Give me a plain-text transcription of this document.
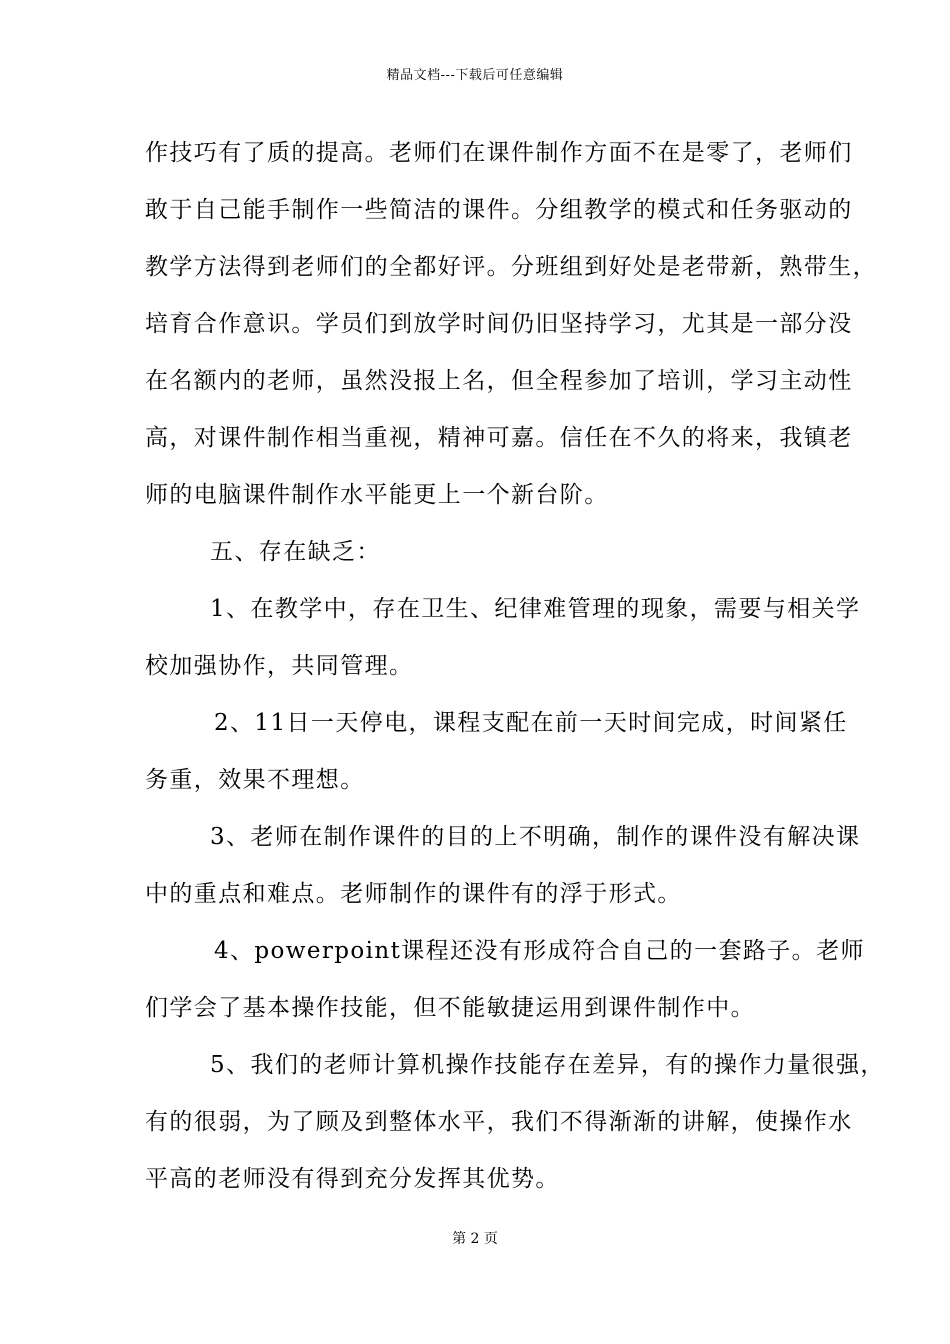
精品文档---下载后可任意编辑
作技巧有了质的提高。老师们在课件制作方面不在是零了，老师们
敢于自己能手制作一些简洁的课件。分组教学的模式和任务驱动的
教学方法得到老师们的全都好评。分班组到好处是老带新，熟带生，
培育合作意识。学员们到放学时间仍旧坚持学习，尤其是一部分没
在名额内的老师，虽然没报上名，但全程参加了培训，学习主动性
高，对课件制作相当重视，精神可嘉。信任在不久的将来，我镇老
师的电脑课件制作水平能更上一个新台阶。
五、存在缺乏：
1、在教学中，存在卫生、纪律难管理的现象，需要与相关学
校加强协作，共同管理。
2、11日一天停电，课程支配在前一天时间完成，时间紧任
务重，效果不理想。
3、老师在制作课件的目的上不明确，制作的课件没有解决课
中的重点和难点。老师制作的课件有的浮于形式。
4、powerpoint课程还没有形成符合自己的一套路子。老师
们学会了基本操作技能，但不能敏捷运用到课件制作中。
5、我们的老师计算机操作技能存在差异，有的操作力量很强，
有的很弱，为了顾及到整体水平，我们不得渐渐的讲解，使操作水
平高的老师没有得到充分发挥其优势。
第 2 页
